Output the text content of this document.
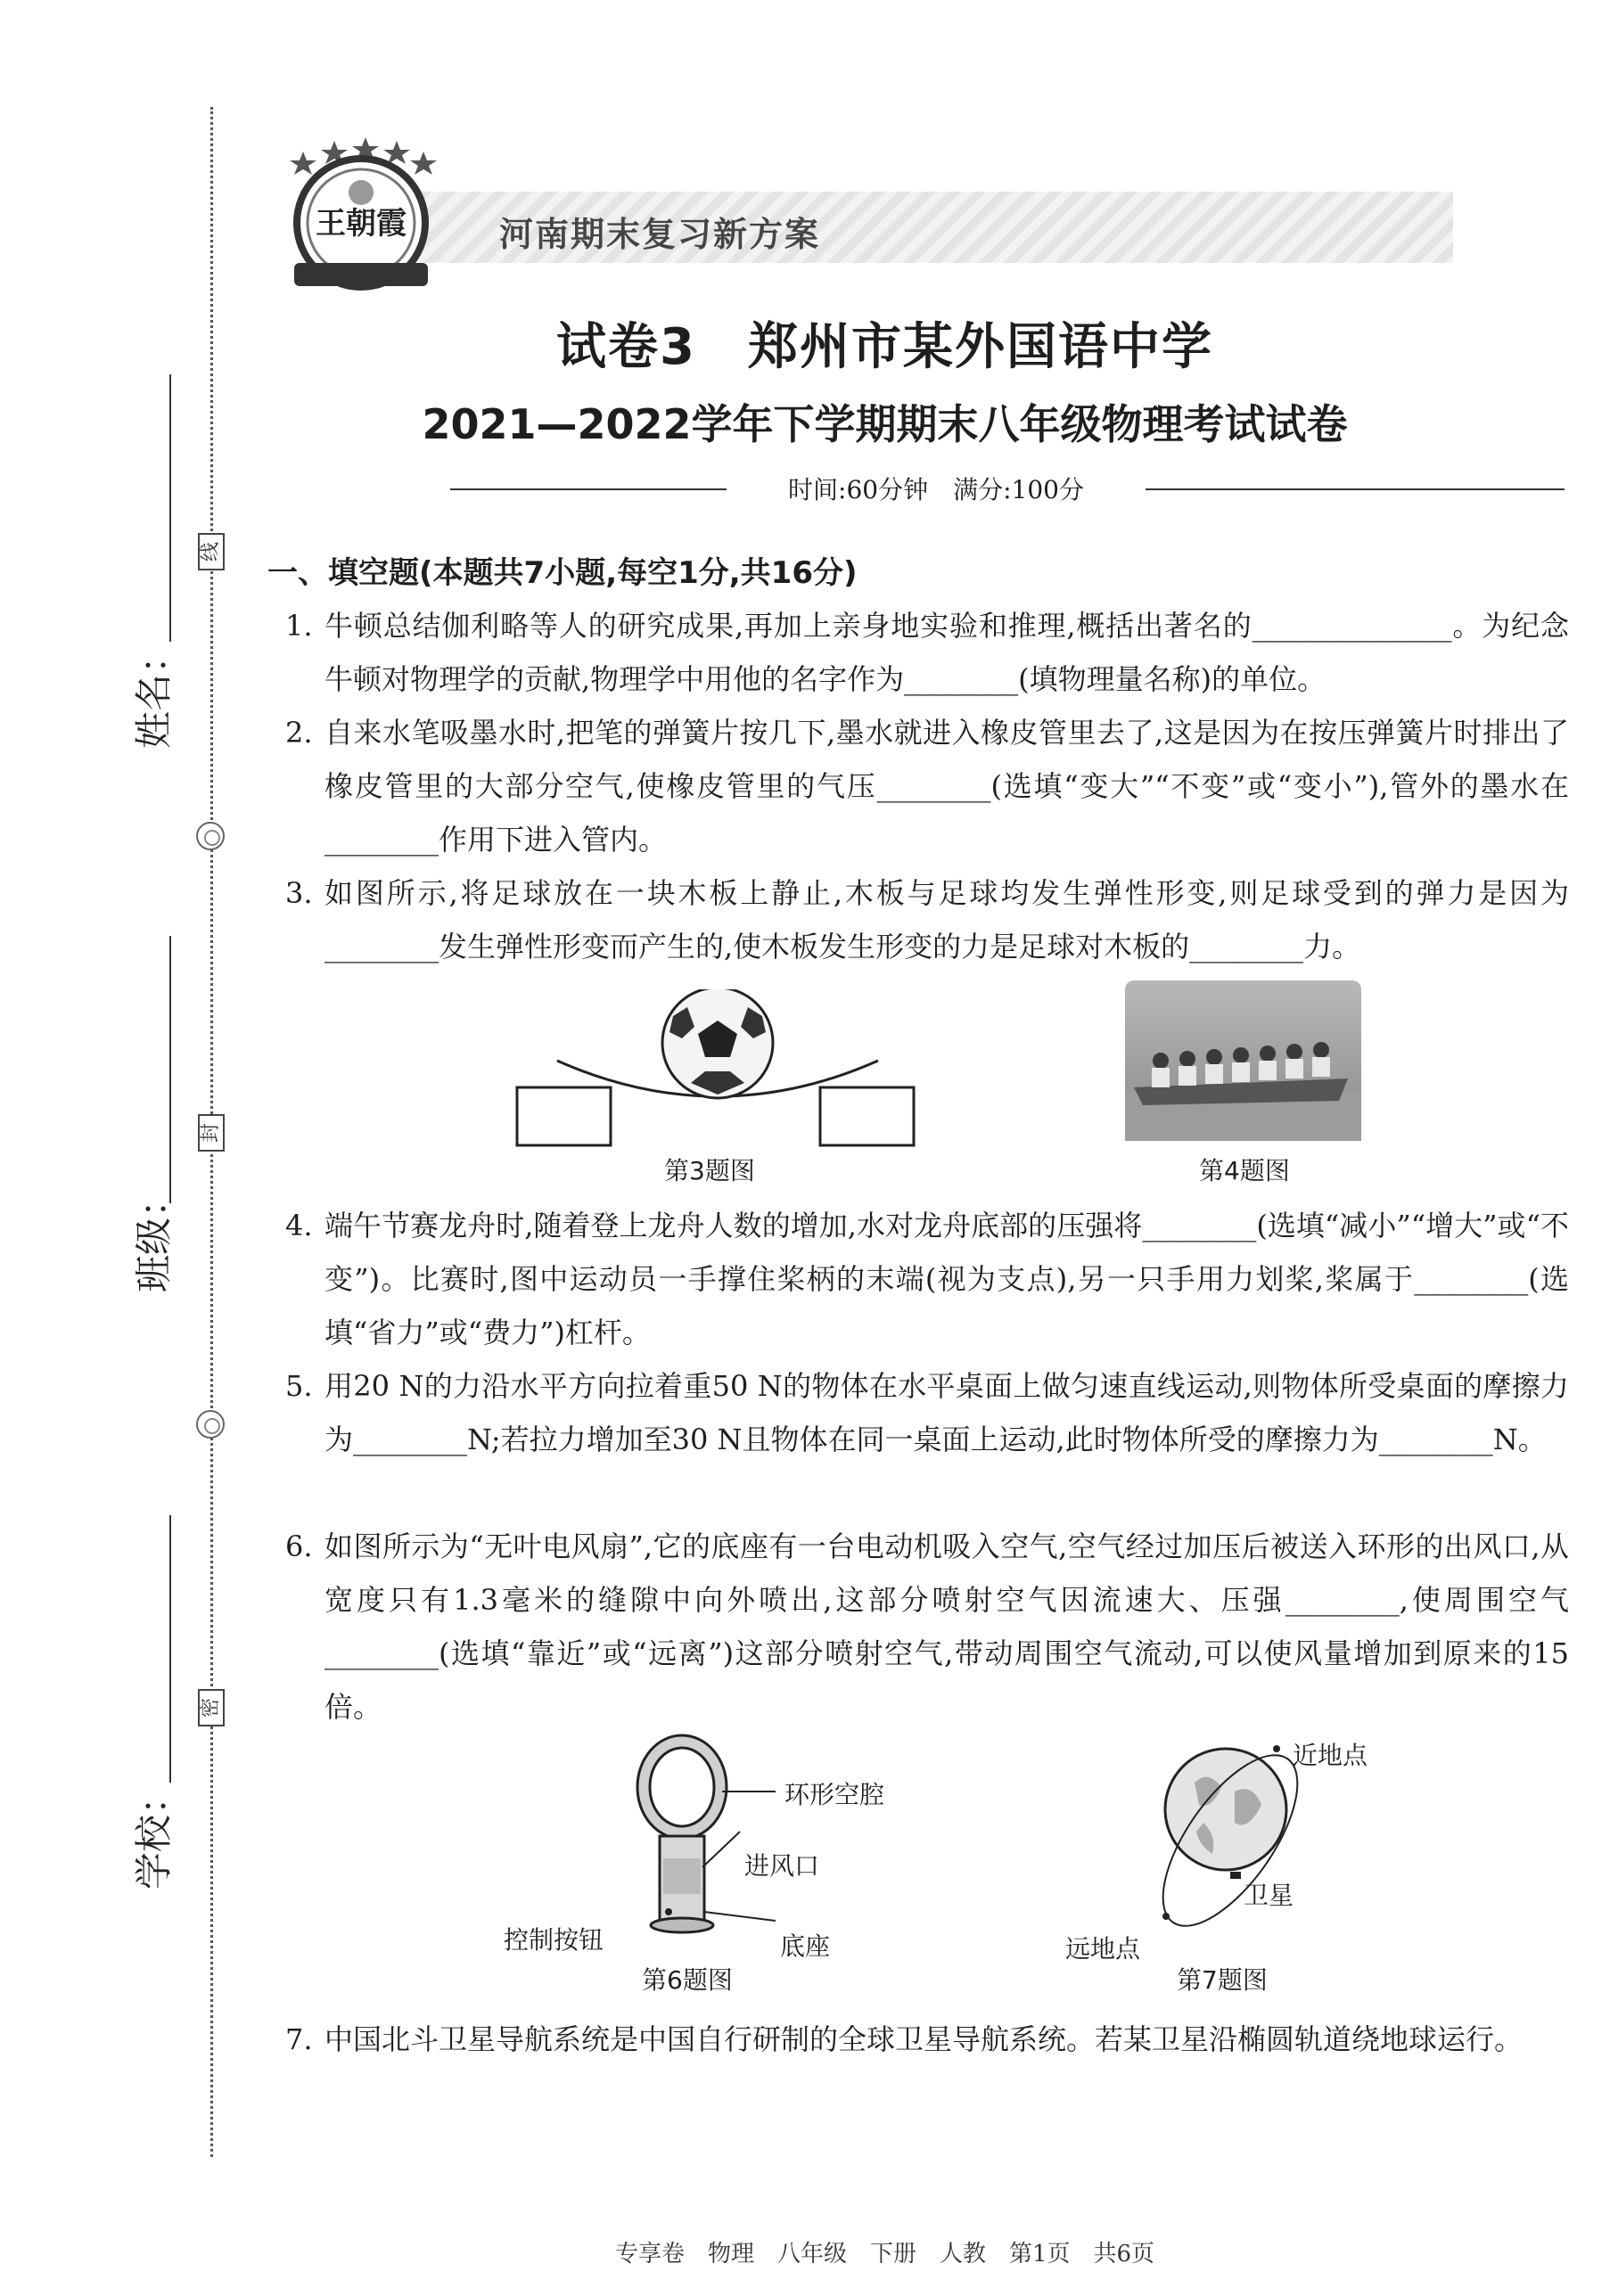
姓名：
班级：
学校：
线
封
密
王朝霞	河南期末复习新方案
试卷3　郑州市某外国语中学
2021—2022学年下学期期末八年级物理考试试卷
时间:60分钟　满分:100分
一、填空题(本题共7小题,每空1分,共16分)
1. 牛顿总结伽利略等人的研究成果,再加上亲身地实验和推理,概括出著名的______________。为纪念牛顿对物理学的贡献,物理学中用他的名字作为________(填物理量名称)的单位。
2. 自来水笔吸墨水时,把笔的弹簧片按几下,墨水就进入橡皮管里去了,这是因为在按压弹簧片时排出了橡皮管里的大部分空气,使橡皮管里的气压________(选填“变大”“不变”或“变小”),管外的墨水在________作用下进入管内。
3. 如图所示,将足球放在一块木板上静止,木板与足球均发生弹性形变,则足球受到的弹力是因为________发生弹性形变而产生的,使木板发生形变的力是足球对木板的________力。
第3题图	第4题图
4. 端午节赛龙舟时,随着登上龙舟人数的增加,水对龙舟底部的压强将________(选填“减小”“增大”或“不变”)。比赛时,图中运动员一手撑住桨柄的末端(视为支点),另一只手用力划桨,桨属于________(选填“省力”或“费力”)杠杆。
5. 用20 N的力沿水平方向拉着重50 N的物体在水平桌面上做匀速直线运动,则物体所受桌面的摩擦力为________N;若拉力增加至30 N且物体在同一桌面上运动,此时物体所受的摩擦力为________N。
6. 如图所示为“无叶电风扇”,它的底座有一台电动机吸入空气,空气经过加压后被送入环形的出风口,从宽度只有1.3毫米的缝隙中向外喷出,这部分喷射空气因流速大、压强________,使周围空气________(选填“靠近”或“远离”)这部分喷射空气,带动周围空气流动,可以使风量增加到原来的15倍。
环形空腔
进风口
底座
控制按钮
第6题图
近地点
卫星
远地点
第7题图
7. 中国北斗卫星导航系统是中国自行研制的全球卫星导航系统。若某卫星沿椭圆轨道绕地球运行。
专享卷　物理　八年级　下册　人教　第1页　共6页
